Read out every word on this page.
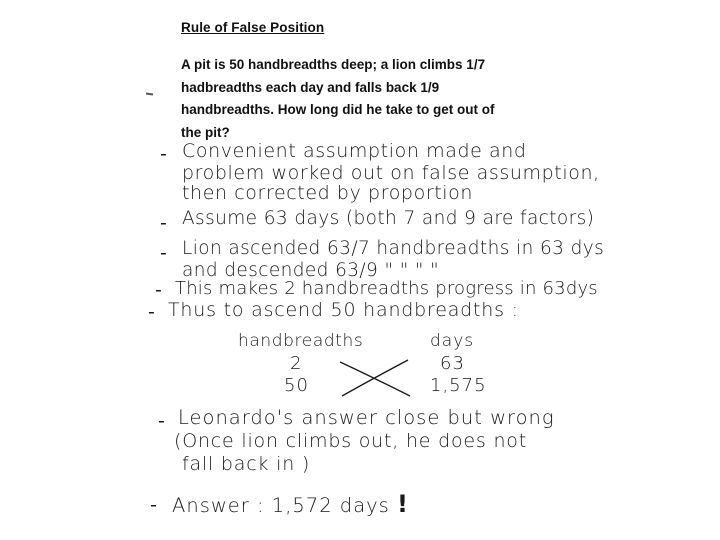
Rule of False Position
A pit is 50 handbreadths deep; a lion climbs 1/7
hadbreadths each day and falls back 1/9
handbreadths. How long did he take to get out of
the pit?
- Convenient assumption made and
problem worked out on false assumption,
then corrected by proportion
- Assume 63 days (both 7 and 9 are factors)
- Lion ascended 63/7 handbreadths in 63 dys
and descended 63/9 " " " "
- This makes 2 handbreadths progress in 63dys
- Thus to ascend 50 handbreadths :
handbreadths	days
2	63
50	1,575
- Leonardo's answer close but wrong
(Once lion climbs out, he does not
fall back in )
- Answer : 1,572 days !
